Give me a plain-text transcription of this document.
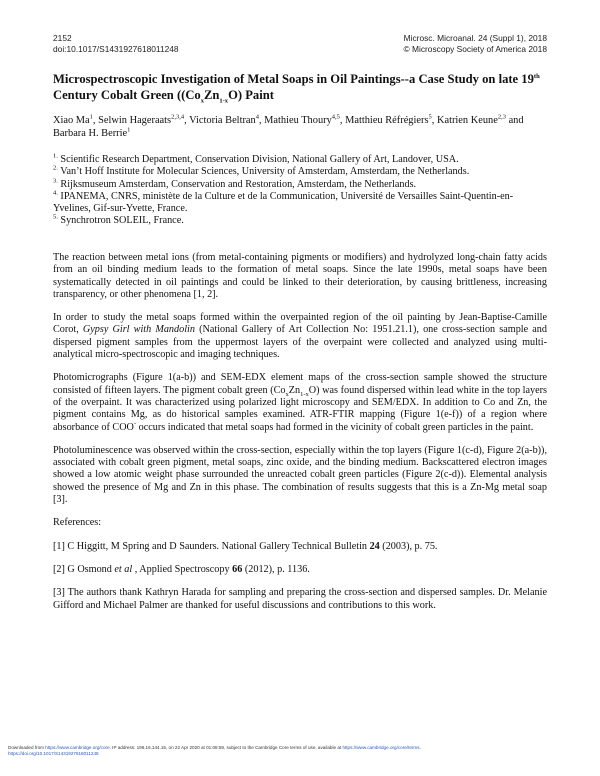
2152
doi:10.1017/S1431927618011248
Microsc. Microanal. 24 (Suppl 1), 2018
© Microscopy Society of America 2018
Microspectroscopic Investigation of Metal Soaps in Oil Paintings--a Case Study on late 19th Century Cobalt Green ($(Co_xZn_{1-x}O)$ Paint
Xiao Ma$^1$, Selwin Hageraats$^{2,3,4}$, Victoria Beltran$^4$, Mathieu Thoury$^{4,5}$, Matthieu Réfrégiers$^5$, Katrien Keune$^{2,3}$ and Barbara H. Berrie$^1$

$^{1.}$ Scientific Research Department, Conservation Division, National Gallery of Art, Landover, USA.

$^{2.}$ Van’t Hoff Institute for Molecular Sciences, University of Amsterdam, Amsterdam, the Netherlands.

$^{3.}$ Rijksmuseum Amsterdam, Conservation and Restoration, Amsterdam, the Netherlands.

$^{4.}$ IPANEMA, CNRS, ministète de la Culture et de la Communication, Université de Versailles Saint-Quentin-en-Yvelines, Gif-sur-Yvette, France.

$^{5.}$ Synchrotron SOLEIL, France.

The reaction between metal ions (from metal-containing pigments or modifiers) and hydrolyzed long-chain fatty acids from an oil binding medium leads to the formation of metal soaps. Since the late 1990s, metal soaps have been systematically detected in oil paintings and could be linked to their deterioration, by causing brittleness, increasing transparency, or other phenomena [1, 2].

In order to study the metal soaps formed within the overpainted region of the oil painting by Jean-Baptise-Camille Corot, Gypsy Girl with Mandolin (National Gallery of Art Collection No: 1951.21.1), one cross-section sample and dispersed pigment samples from the uppermost layers of the overpaint were collected and analyzed using multi-analytical micro-spectroscopic and imaging techniques.

Photomicrographs (Figure 1(a-b)) and SEM-EDX element maps of the cross-section sample showed the structure consisted of fifteen layers. The pigment cobalt green $(Co_xZn_{1-x}O)$ was found dispersed within lead white in the top layers of the overpaint. It was characterized using polarized light microscopy and SEM/EDX. In addition to Co and Zn, the pigment contains Mg, as do historical samples examined. ATR-FTIR mapping (Figure 1(e-f)) of a region where absorbance of COO- occurs indicated that metal soaps had formed in the vicinity of cobalt green particles in the paint.

Photoluminescence was observed within the cross-section, especially within the top layers (Figure 1(c-d), Figure 2(a-b)), associated with cobalt green pigment, metal soaps, zinc oxide, and the binding medium. Backscattered electron images showed a low atomic weight phase surrounded the unreacted cobalt green particles (Figure 2(c-d)). Elemental analysis showed the presence of Mg and Zn in this phase. The combination of results suggests that this is a Zn-Mg metal soap [3].

References:

[1] C Higgitt, M Spring and D Saunders. National Gallery Technical Bulletin 24 (2003), p. 75.

[2] G Osmond et al , Applied Spectroscopy 66 (2012), p. 1136.

[3] The authors thank Kathryn Harada for sampling and preparing the cross-section and dispersed samples. Dr. Melanie Gifford and Michael Palmer are thanked for useful discussions and contributions to this work.

Downloaded from https://www.cambridge.org/core. IP address: 196.16.144.15, on 22 Apr 2020 at 01:08:59, subject to the Cambridge Core terms of use, available at https://www.cambridge.org/core/terms.
https://doi.org/10.1017/S1431927618011248
